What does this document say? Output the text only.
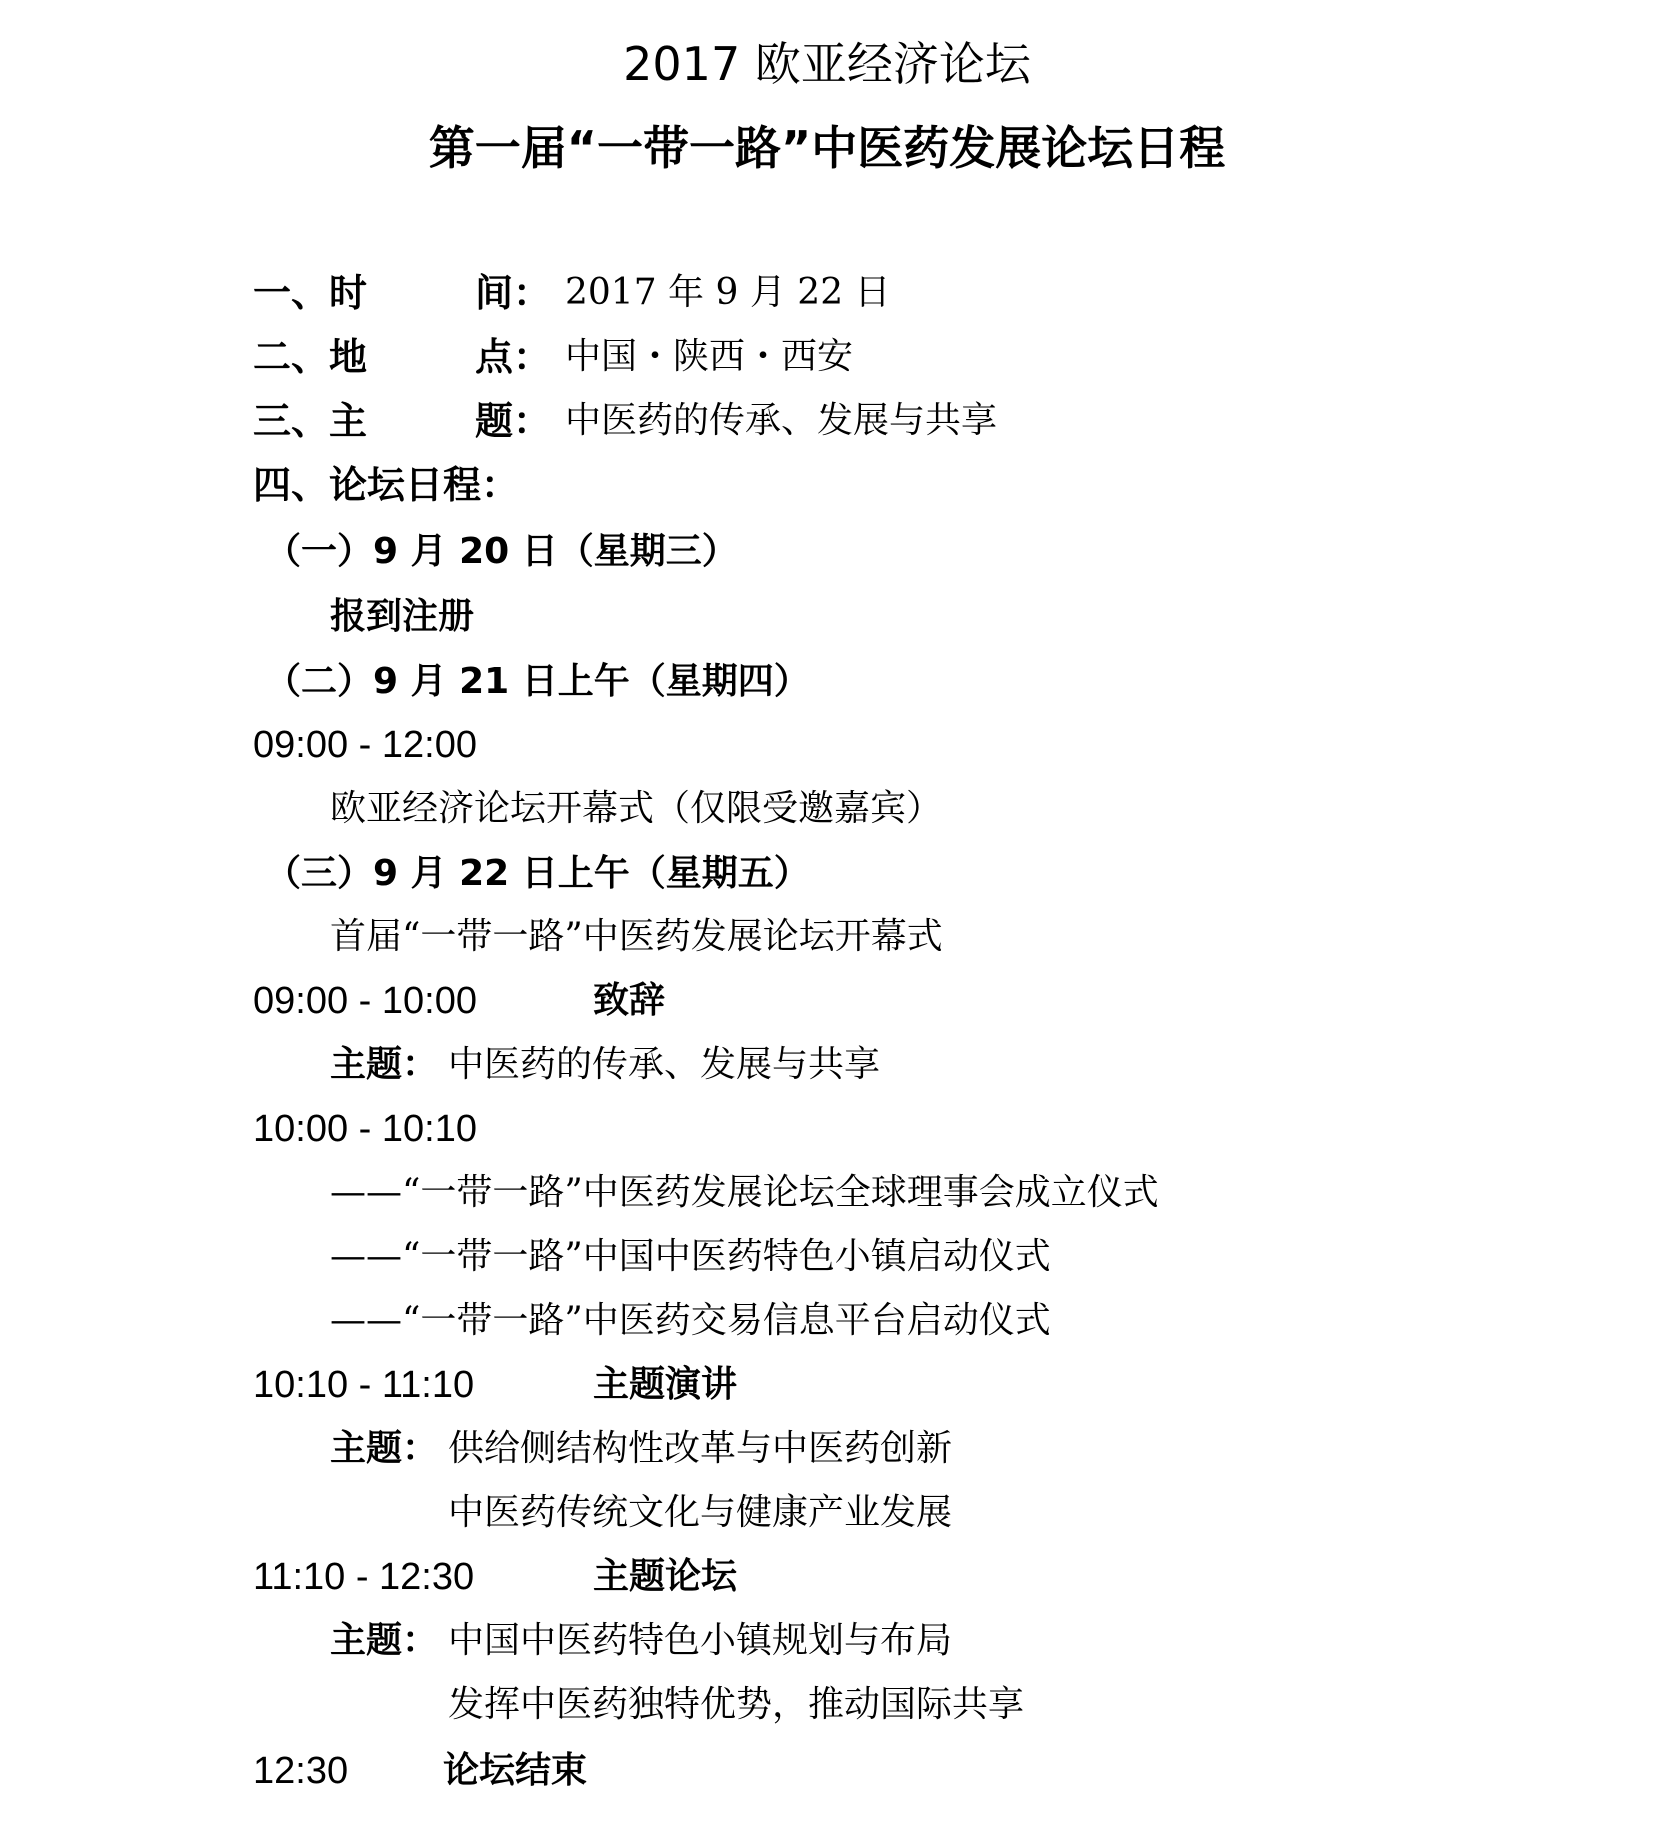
2017 欧亚经济论坛
第一届“一带一路”中医药发展论坛日程
一、时	间： 2017 年 9 月 22 日
二、地	点： 中国・陕西・西安
三、主	题： 中医药的传承、发展与共享
四、论坛日程：
（一）9 月 20 日（星期三）
报到注册
（二）9 月 21 日上午（星期四）
09:00 - 12:00
欧亚经济论坛开幕式（仅限受邀嘉宾）
（三）9 月 22 日上午（星期五）
首届“一带一路”中医药发展论坛开幕式
09:00 - 10:00	致辞
主题： 中医药的传承、发展与共享
10:00 - 10:10
——“一带一路”中医药发展论坛全球理事会成立仪式
——“一带一路”中国中医药特色小镇启动仪式
——“一带一路”中医药交易信息平台启动仪式
10:10 - 11:10	主题演讲
主题： 供给侧结构性改革与中医药创新
中医药传统文化与健康产业发展
11:10 - 12:30	主题论坛
主题： 中国中医药特色小镇规划与布局
发挥中医药独特优势，推动国际共享
12:30	论坛结束
